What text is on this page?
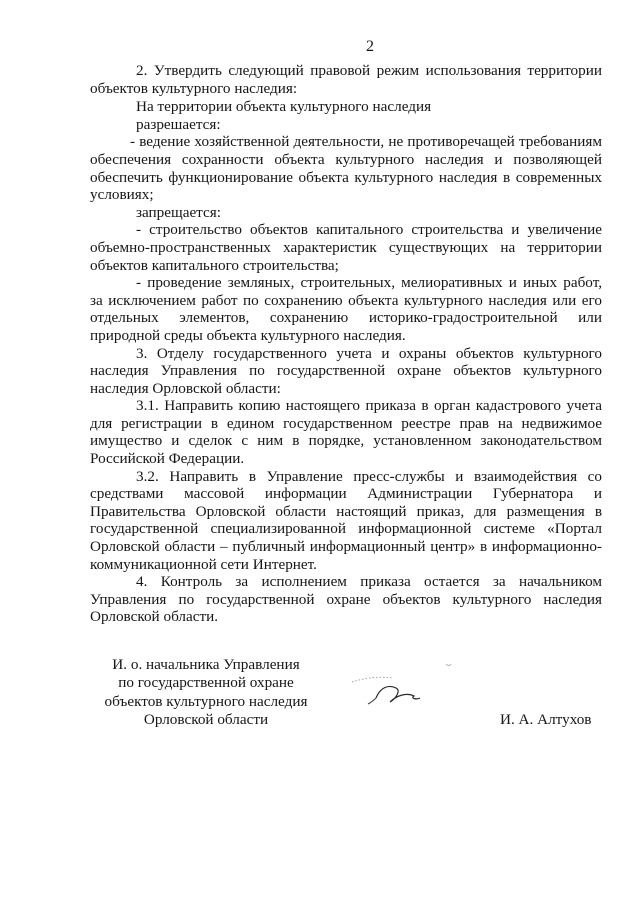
2

2. Утвердить следующий правовой режим использования территории объектов культурного наследия:

На территории объекта культурного наследия

разрешается:

- ведение хозяйственной деятельности, не противоречащей требованиям обеспечения сохранности объекта культурного наследия и позволяющей обеспечить функционирование объекта культурного наследия в современных условиях;

запрещается:

- строительство объектов капитального строительства и увеличение объемно-пространственных характеристик существующих на территории объектов капитального строительства;

- проведение земляных, строительных, мелиоративных и иных работ, за исключением работ по сохранению объекта культурного наследия или его отдельных элементов, сохранению историко-градостроительной или природной среды объекта культурного наследия.

3. Отделу государственного учета и охраны объектов культурного наследия Управления по государственной охране объектов культурного наследия Орловской области:

3.1. Направить копию настоящего приказа в орган кадастрового учета для регистрации в едином государственном реестре прав на недвижимое имущество и сделок с ним в порядке, установленном законодательством Российской Федерации.

3.2. Направить в Управление пресс-службы и взаимодействия со средствами массовой информации Администрации Губернатора и Правительства Орловской области настоящий приказ, для размещения в государственной специализированной информационной системе «Портал Орловской области – публичный информационный центр» в информационно-коммуникационной сети Интернет.

4. Контроль за исполнением приказа остается за начальником Управления по государственной охране объектов культурного наследия Орловской области.

И. о. начальника Управления
по государственной охране
объектов культурного наследия
Орловской области	И. А. Алтухов
